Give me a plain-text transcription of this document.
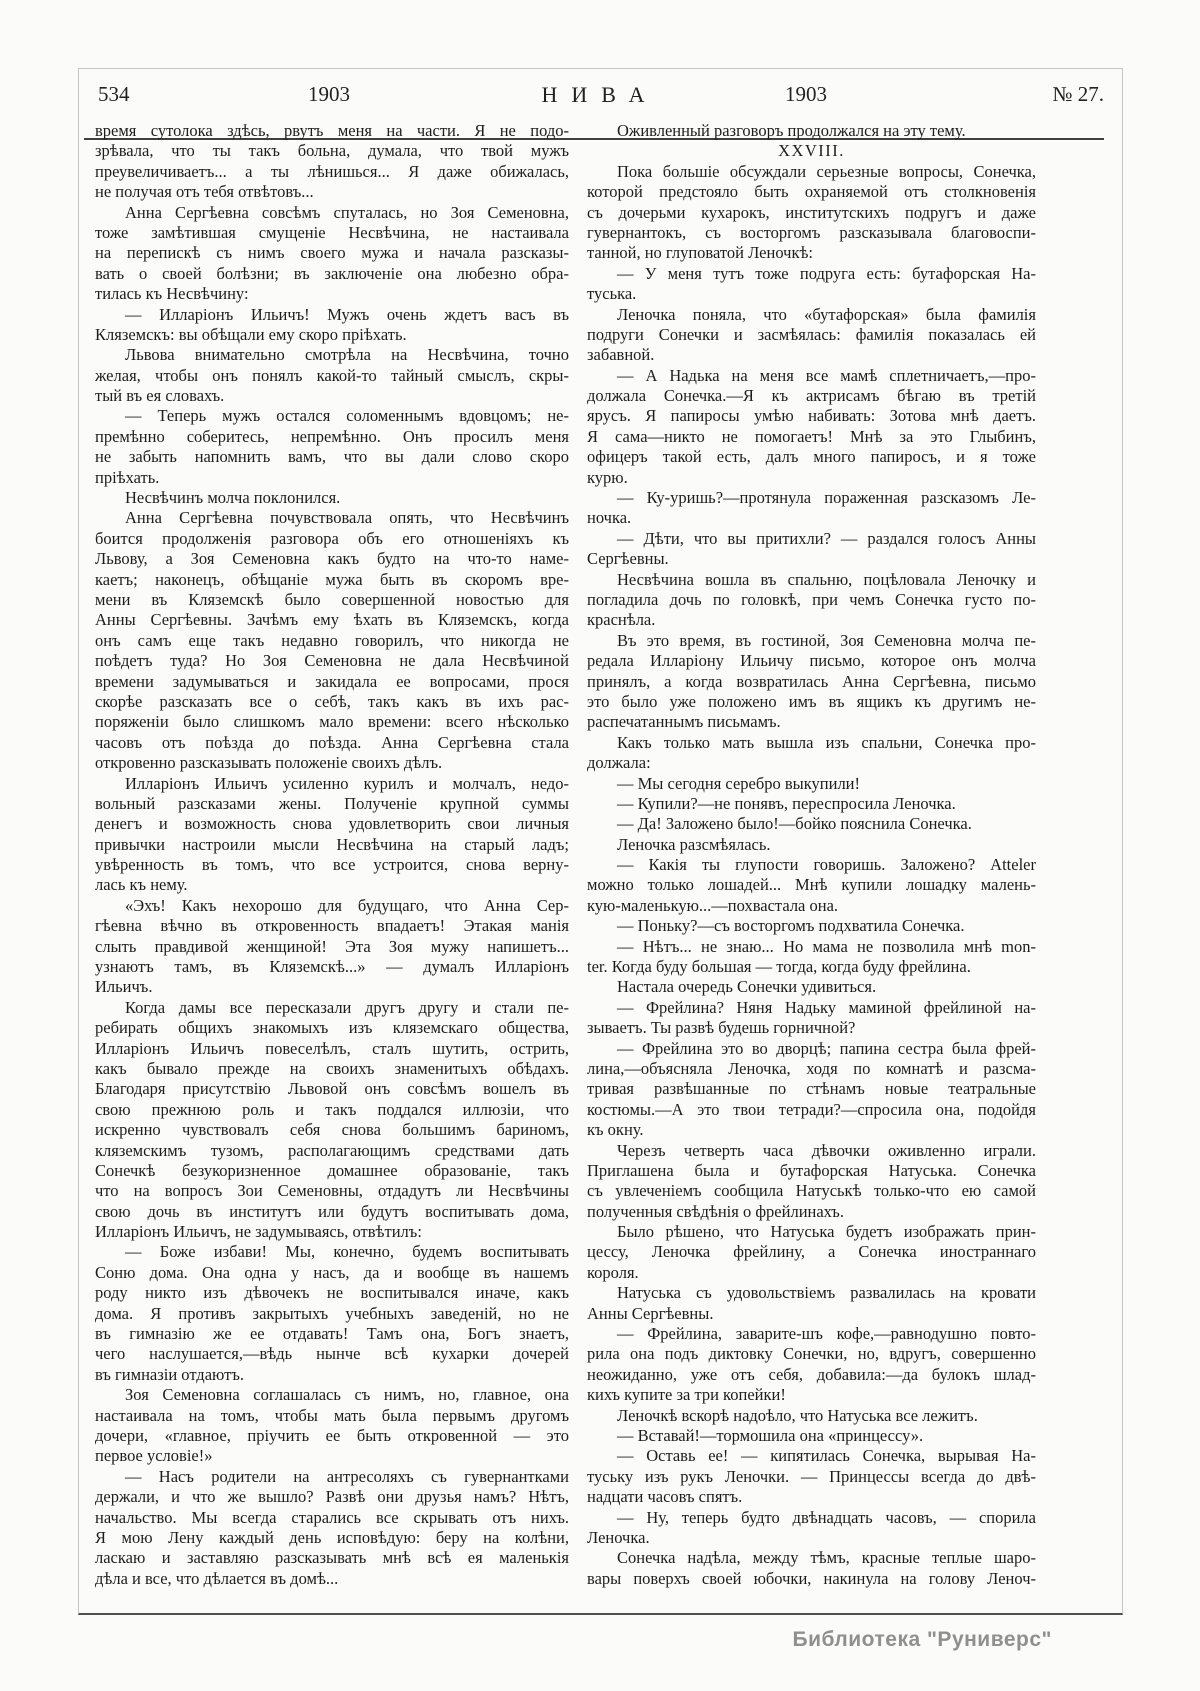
534	1903	НИВА	1903	№ 27.
время сутолока здѣсь, рвутъ меня на части. Я не подо-
зрѣвала, что ты такъ больна, думала, что твой мужъ
преувеличиваетъ... а ты лѣнишься... Я даже обижалась,
не получая отъ тебя отвѣтовъ...
Анна Сергѣевна совсѣмъ спуталась, но Зоя Семеновна,
тоже замѣтившая смущеніе Несвѣчина, не настаивала
на перепискѣ съ нимъ своего мужа и начала разсказы-
вать о своей болѣзни; въ заключеніе она любезно обра-
тилась къ Несвѣчину:
— Илларіонъ Ильичъ! Мужъ очень ждетъ васъ въ
Кляземскъ: вы обѣщали ему скоро пріѣхать.
Львова внимательно смотрѣла на Несвѣчина, точно
желая, чтобы онъ понялъ какой-то тайный смыслъ, скры-
тый въ ея словахъ.
— Теперь мужъ остался соломеннымъ вдовцомъ; не-
премѣнно соберитесь, непремѣнно. Онъ просилъ меня
не забыть напомнить вамъ, что вы дали слово скоро
пріѣхать.
Несвѣчинъ молча поклонился.
Анна Сергѣевна почувствовала опять, что Несвѣчинъ
боится продолженія разговора объ его отношеніяхъ къ
Львову, а Зоя Семеновна какъ будто на что-то наме-
каетъ; наконецъ, обѣщаніе мужа быть въ скоромъ вре-
мени въ Кляземскѣ было совершенной новостью для
Анны Сергѣевны. Зачѣмъ ему ѣхать въ Кляземскъ, когда
онъ самъ еще такъ недавно говорилъ, что никогда не
поѣдетъ туда? Но Зоя Семеновна не дала Несвѣчиной
времени задумываться и закидала ее вопросами, прося
скорѣе разсказать все о себѣ, такъ какъ въ ихъ рас-
поряженіи было слишкомъ мало времени: всего нѣсколько
часовъ отъ поѣзда до поѣзда. Анна Сергѣевна стала
откровенно разсказывать положеніе своихъ дѣлъ.
Илларіонъ Ильичъ усиленно курилъ и молчалъ, недо-
вольный разсказами жены. Полученіе крупной суммы
денегъ и возможность снова удовлетворить свои личныя
привычки настроили мысли Несвѣчина на старый ладъ;
увѣренность въ томъ, что все устроится, снова верну-
лась къ нему.
«Эхъ! Какъ нехорошо для будущаго, что Анна Сер-
гѣевна вѣчно въ откровенность впадаетъ! Этакая манія
слыть правдивой женщиной! Эта Зоя мужу напишетъ...
узнаютъ тамъ, въ Кляземскѣ...» — думалъ Илларіонъ
Ильичъ.
Когда дамы все пересказали другъ другу и стали пе-
ребирать общихъ знакомыхъ изъ кляземскаго общества,
Илларіонъ Ильичъ повеселѣлъ, сталъ шутить, острить,
какъ бывало прежде на своихъ знаменитыхъ обѣдахъ.
Благодаря присутствію Львовой онъ совсѣмъ вошелъ въ
свою прежнюю роль и такъ поддался иллюзіи, что
искренно чувствовалъ себя снова большимъ бариномъ,
кляземскимъ тузомъ, располагающимъ средствами дать
Сонечкѣ безукоризненное домашнее образованіе, такъ
что на вопросъ Зои Семеновны, отдадутъ ли Несвѣчины
свою дочь въ институтъ или будутъ воспитывать дома,
Илларіонъ Ильичъ, не задумываясь, отвѣтилъ:
— Боже избави! Мы, конечно, будемъ воспитывать
Соню дома. Она одна у насъ, да и вообще въ нашемъ
роду никто изъ дѣвочекъ не воспитывался иначе, какъ
дома. Я противъ закрытыхъ учебныхъ заведеній, но не
въ гимназію же ее отдавать! Тамъ она, Богъ знаетъ,
чего наслушается,—вѣдь нынче всѣ кухарки дочерей
въ гимназіи отдаютъ.
Зоя Семеновна соглашалась съ нимъ, но, главное, она
настаивала на томъ, чтобы мать была первымъ другомъ
дочери, «главное, пріучить ее быть откровенной — это
первое условіе!»
— Насъ родители на антресоляхъ съ гувернантками
держали, и что же вышло? Развѣ они друзья намъ? Нѣтъ,
начальство. Мы всегда старались все скрывать отъ нихъ.
Я мою Лену каждый день исповѣдую: беру на колѣни,
ласкаю и заставляю разсказывать мнѣ всѣ ея маленькія
дѣла и все, что дѣлается въ домѣ...
Оживленный разговоръ продолжался на эту тему.
XXVIII.
Пока большіе обсуждали серьезные вопросы, Сонечка,
которой предстояло быть охраняемой отъ столкновенія
съ дочерьми кухарокъ, институтскихъ подругъ и даже
гувернантокъ, съ восторгомъ разсказывала благовоспи-
танной, но глуповатой Леночкѣ:
— У меня тутъ тоже подруга есть: бутафорская На-
туська.
Леночка поняла, что «бутафорская» была фамилія
подруги Сонечки и засмѣялась: фамилія показалась ей
забавной.
— А Надька на меня все мамѣ сплетничаетъ,—про-
должала Сонечка.—Я къ актрисамъ бѣгаю въ третій
ярусъ. Я папиросы умѣю набивать: Зотова мнѣ даетъ.
Я сама—никто не помогаетъ! Мнѣ за это Глыбинъ,
офицеръ такой есть, далъ много папиросъ, и я тоже
курю.
— Ку-уришь?—протянула пораженная разсказомъ Ле-
ночка.
— Дѣти, что вы притихли? — раздался голосъ Анны
Сергѣевны.
Несвѣчина вошла въ спальню, поцѣловала Леночку и
погладила дочь по головкѣ, при чемъ Сонечка густо по-
краснѣла.
Въ это время, въ гостиной, Зоя Семеновна молча пе-
редала Илларіону Ильичу письмо, которое онъ молча
принялъ, а когда возвратилась Анна Сергѣевна, письмо
это было уже положено имъ въ ящикъ къ другимъ не-
распечатаннымъ письмамъ.
Какъ только мать вышла изъ спальни, Сонечка про-
должала:
— Мы сегодня серебро выкупили!
— Купили?—не понявъ, переспросила Леночка.
— Да! Заложено было!—бойко пояснила Сонечка.
Леночка разсмѣялась.
— Какія ты глупости говоришь. Заложено? Atteler
можно только лошадей... Мнѣ купили лошадку малень-
кую-маленькую...—похвастала она.
— Поньку?—съ восторгомъ подхватила Сонечка.
— Нѣтъ... не знаю... Но мама не позволила мнѣ mon-
ter. Когда буду большая — тогда, когда буду фрейлина.
Настала очередь Сонечки удивиться.
— Фрейлина? Няня Надьку маминой фрейлиной на-
зываетъ. Ты развѣ будешь горничной?
— Фрейлина это во дворцѣ; папина сестра была фрей-
лина,—объясняла Леночка, ходя по комнатѣ и разсма-
тривая развѣшанные по стѣнамъ новые театральные
костюмы.—А это твои тетради?—спросила она, подойдя
къ окну.
Черезъ четверть часа дѣвочки оживленно играли.
Приглашена была и бутафорская Натуська. Сонечка
съ увлеченіемъ сообщила Натуськѣ только-что ею самой
полученныя свѣдѣнія о фрейлинахъ.
Было рѣшено, что Натуська будетъ изображать прин-
цессу, Леночка фрейлину, а Сонечка иностраннаго
короля.
Натуська съ удовольствіемъ развалилась на кровати
Анны Сергѣевны.
— Фрейлина, заварите-шъ кофе,—равнодушно повто-
рила она подъ диктовку Сонечки, но, вдругъ, совершенно
неожиданно, уже отъ себя, добавила:—да булокъ шлад-
кихъ купите за три копейки!
Леночкѣ вскорѣ надоѣло, что Натуська все лежитъ.
— Вставай!—тормошила она «принцессу».
— Оставь ее! — кипятилась Сонечка, вырывая На-
туську изъ рукъ Леночки. — Принцессы всегда до двѣ-
надцати часовъ спятъ.
— Ну, теперь будто двѣнадцать часовъ, — спорила
Леночка.
Сонечка надѣла, между тѣмъ, красные теплые шаро-
вары поверхъ своей юбочки, накинула на голову Леноч-
Библиотека "Руниверс"
